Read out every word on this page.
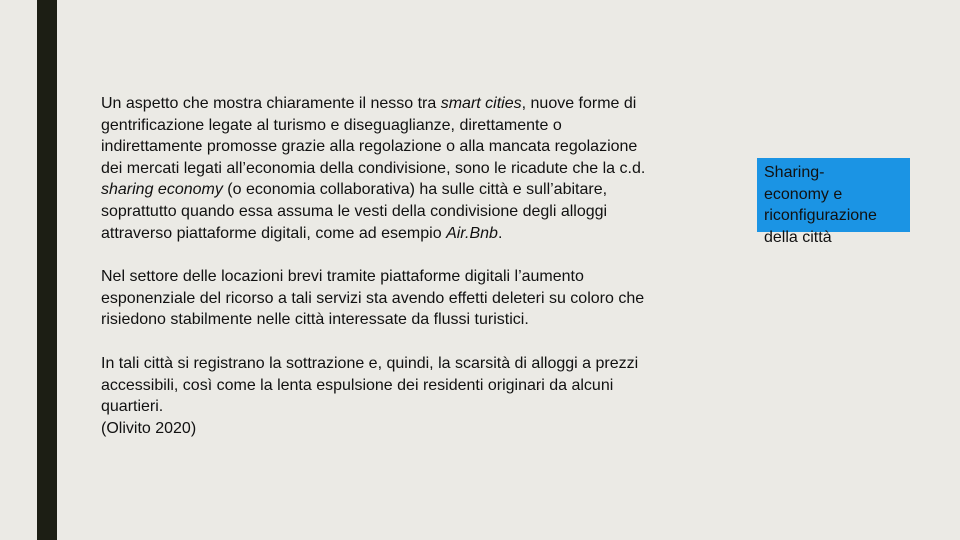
Un aspetto che mostra chiaramente il nesso tra smart cities, nuove forme di
gentrificazione legate al turismo e diseguaglianze, direttamente o
indirettamente promosse grazie alla regolazione o alla mancata regolazione
dei mercati legati all’economia della condivisione, sono le ricadute che la c.d.
sharing economy (o economia collaborativa) ha sulle città e sull’abitare,
soprattutto quando essa assuma le vesti della condivisione degli alloggi
attraverso piattaforme digitali, come ad esempio Air.Bnb.
Nel settore delle locazioni brevi tramite piattaforme digitali l’aumento
esponenziale del ricorso a tali servizi sta avendo effetti deleteri su coloro che
risiedono stabilmente nelle città interessate da flussi turistici.
In tali città si registrano la sottrazione e, quindi, la scarsità di alloggi a prezzi
accessibili, così come la lenta espulsione dei residenti originari da alcuni
quartieri.
(Olivito 2020)
Sharing-
economy e
riconfigurazione
della città
